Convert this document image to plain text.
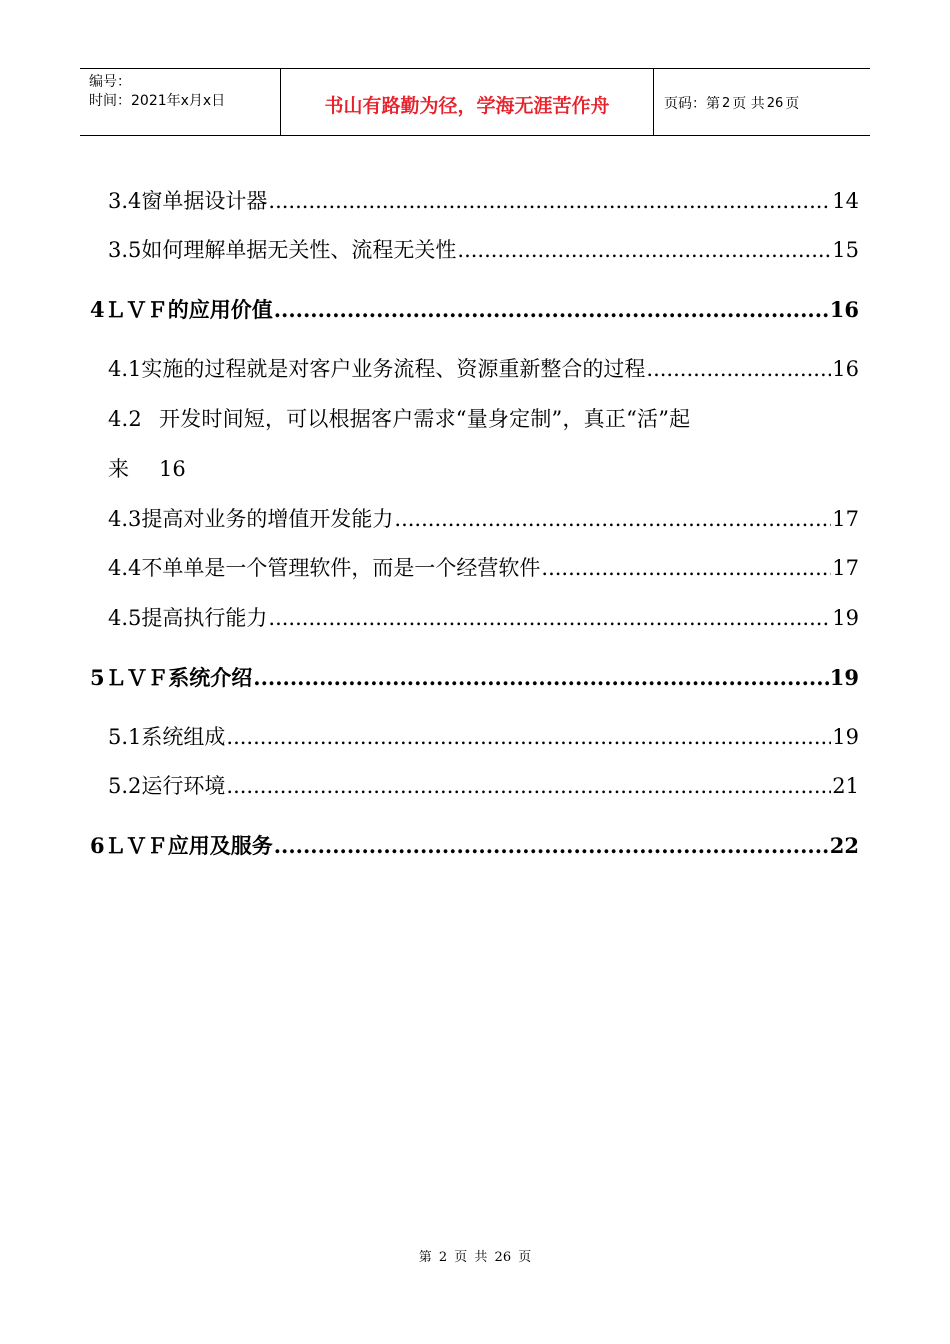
编号：
时间：2021年x月x日	书山有路勤为径，学海无涯苦作舟	页码：第 2 页 共 26 页
3.4 窗单据设计器 .....	14
3.5 如何理解单据无关性、流程无关性 .....	15
4 ＬＶＦ的应用价值 .....	16
4.1 实施的过程就是对客户业务流程、资源重新整合的过程 .....	16
4.2 开发时间短，可以根据客户需求“量身定制”，真正“活”起
来 16
4.3 提高对业务的增值开发能力 .....	17
4.4 不单单是一个管理软件，而是一个经营软件 .....	17
4.5 提高执行能力 .....	19
5 ＬＶＦ系统介绍 .....	19
5.1 系统组成 .....	19
5.2 运行环境 .....	21
6 ＬＶＦ应用及服务 .....	22
第 2 页 共 26 页
